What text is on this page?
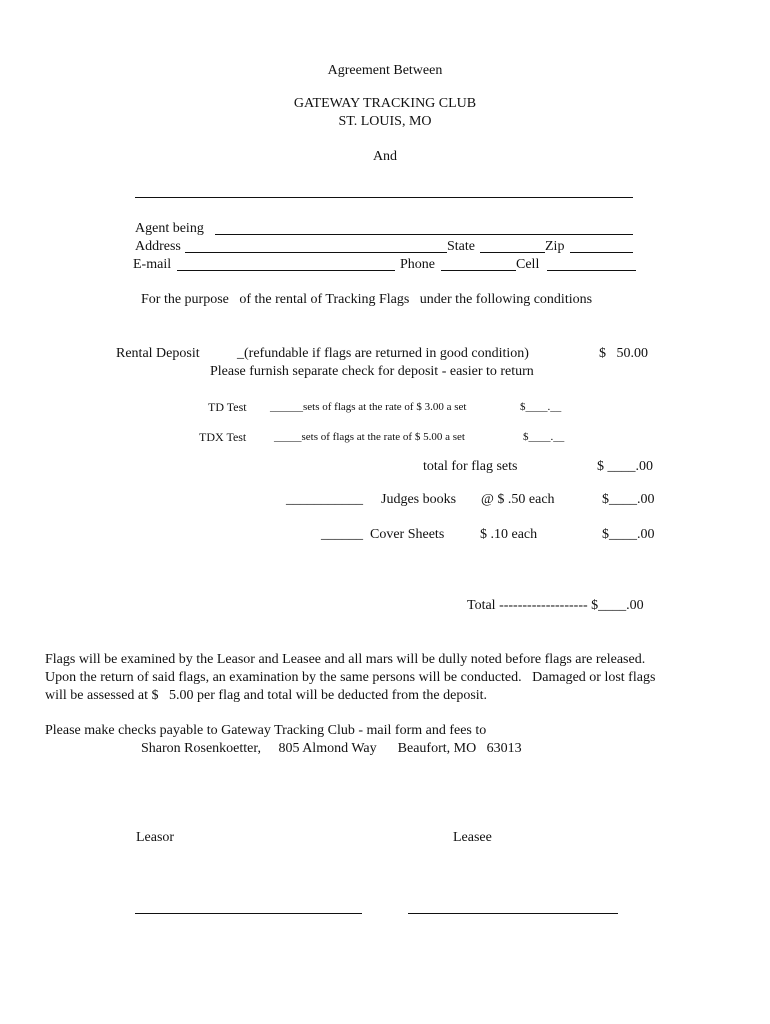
Agreement Between
GATEWAY TRACKING CLUB
ST. LOUIS, MO
And
Agent being
Address	State	Zip
E-mail	Phone	Cell
For the purpose   of the rental of Tracking Flags   under the following conditions
Rental Deposit	_(refundable if flags are returned in good condition)	$   50.00
Please furnish separate check for deposit - easier to return
TD Test ______sets of flags at the rate of $ 3.00 a set	$____.__
TDX Test	_____sets of flags at the rate of $ 5.00 a set	$____.__
total for flag sets	$ ____.00
___________ Judges books @ $ .50 each	$____.00
______ Cover Sheets	$ .10 each	$____.00
Total ------------------- $____.00
Flags will be examined by the Leasor and Leasee and all mars will be dully noted before flags are released.
Upon the return of said flags, an examination by the same persons will be conducted.   Damaged or lost flags
will be assessed at $   5.00 per flag and total will be deducted from the deposit.
Please make checks payable to Gateway Tracking Club - mail form and fees to
Sharon Rosenkoetter,     805 Almond Way      Beaufort, MO   63013
Leasor	Leasee
